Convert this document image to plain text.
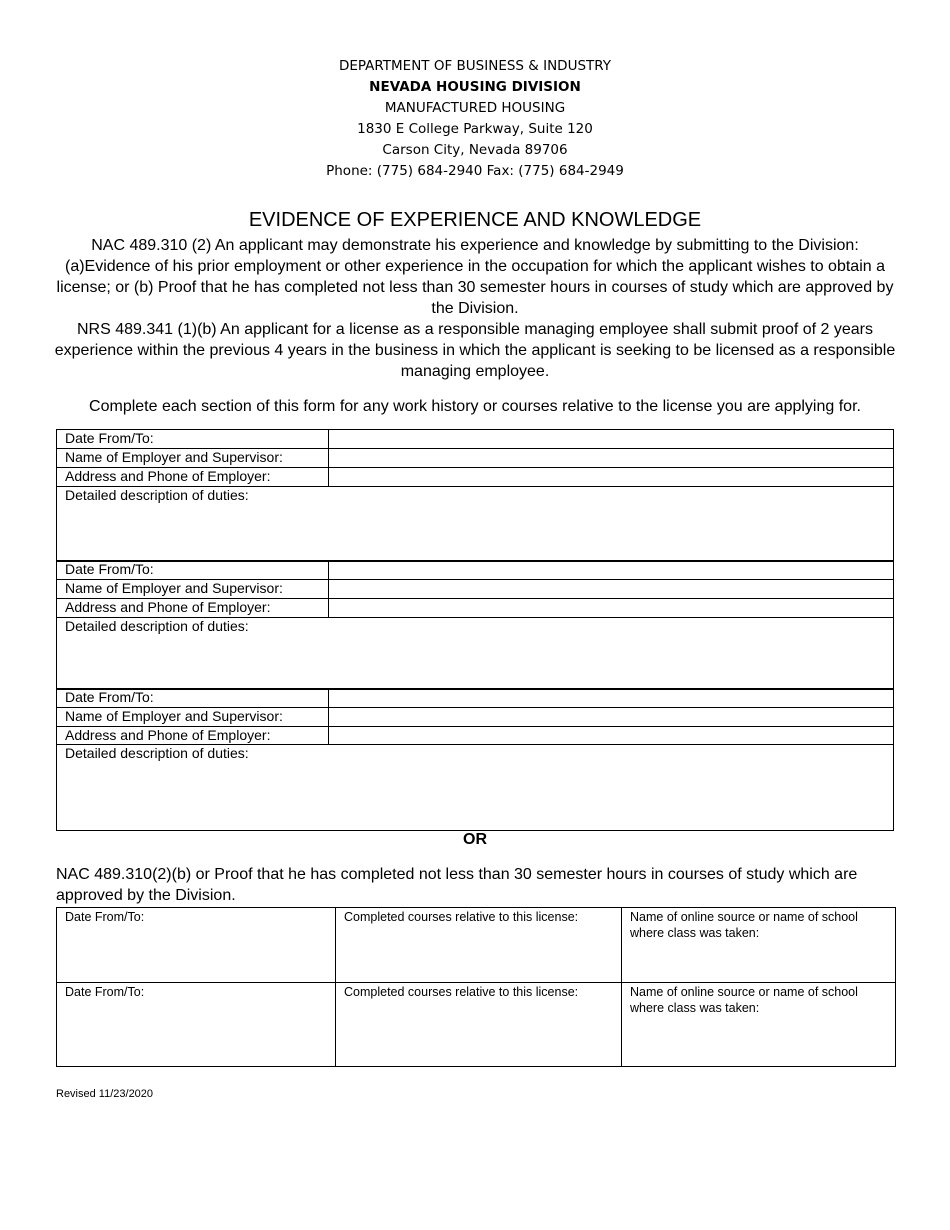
DEPARTMENT OF BUSINESS & INDUSTRY
NEVADA HOUSING DIVISION
MANUFACTURED HOUSING
1830 E College Parkway, Suite 120
Carson City, Nevada 89706
Phone: (775) 684-2940 Fax: (775) 684-2949
EVIDENCE OF EXPERIENCE AND KNOWLEDGE
NAC 489.310 (2) An applicant may demonstrate his experience and knowledge by submitting to the Division: (a)Evidence of his prior employment or other experience in the occupation for which the applicant wishes to obtain a license; or (b) Proof that he has completed not less than 30 semester hours in courses of study which are approved by the Division.
NRS 489.341 (1)(b) An applicant for a license as a responsible managing employee shall submit proof of 2 years experience within the previous 4 years in the business in which the applicant is seeking to be licensed as a responsible managing employee.
Complete each section of this form for any work history or courses relative to the license you are applying for.
Date From/To:	
Name of Employer and Supervisor:	
Address and Phone of Employer:	
Detailed description of duties:	
Date From/To:	
Name of Employer and Supervisor:	
Address and Phone of Employer:	
Detailed description of duties:	
Date From/To:	
Name of Employer and Supervisor:	
Address and Phone of Employer:	
Detailed description of duties:	
OR
NAC 489.310(2)(b) or Proof that he has completed not less than 30 semester hours in courses of study which are approved by the Division.
Date From/To:	Completed courses relative to this license:	Name of online source or name of school where class was taken:
Date From/To:	Completed courses relative to this license:	Name of online source or name of school where class was taken:
Revised 11/23/2020
